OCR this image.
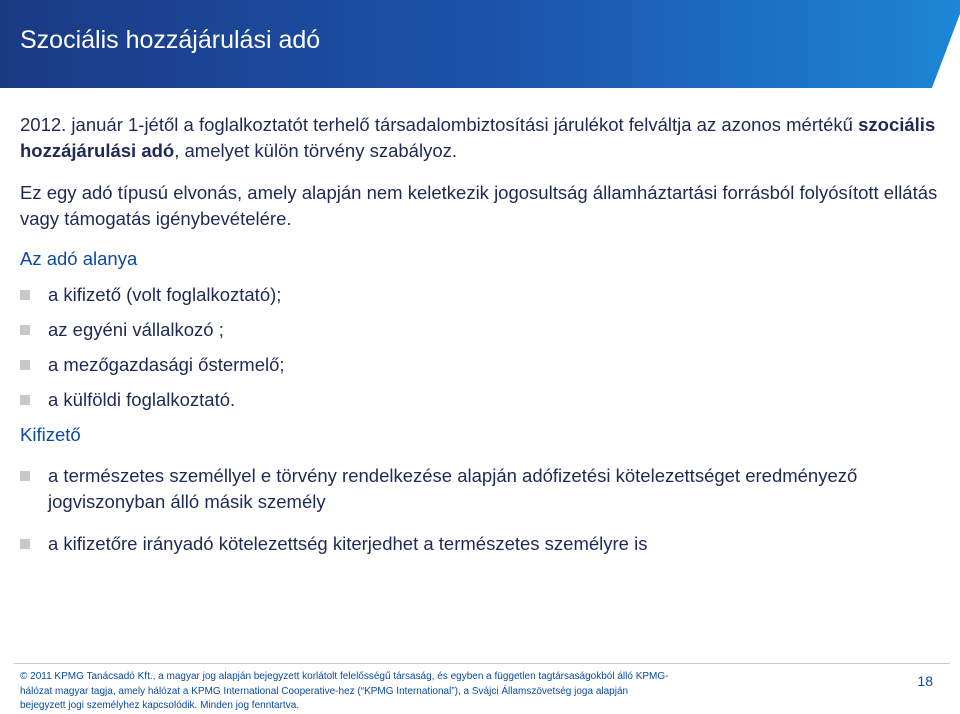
Szociális hozzájárulási adó

2012. január 1-jétől a foglalkoztatót terhelő társadalombiztosítási járulékot felváltja az azonos mértékű szociális hozzájárulási adó, amelyet külön törvény szabályoz.

Ez egy adó típusú elvonás, amely alapján nem keletkezik jogosultság államháztartási forrásból folyósított ellátás vagy támogatás igénybevételére.

Az adó alanya

a kifizető (volt foglalkoztató);
az egyéni vállalkozó ;
a mezőgazdasági őstermelő;
a külföldi foglalkoztató.

Kifizető

a természetes személlyel e törvény rendelkezése alapján adófizetési kötelezettséget eredményező jogviszonyban álló másik személy
a kifizetőre irányadó kötelezettség kiterjedhet a természetes személyre is
© 2011 KPMG Tanácsadó Kft., a magyar jog alapján bejegyzett korlátolt felelősségű társaság, és egyben a független tagtársaságokból álló KPMG-
hálózat magyar tagja, amely hálózat a KPMG International Cooperative-hez (“KPMG International”), a Svájci Államszövetség joga alapján
bejegyzett jogi személyhez kapcsolódik. Minden jog fenntartva.
18
